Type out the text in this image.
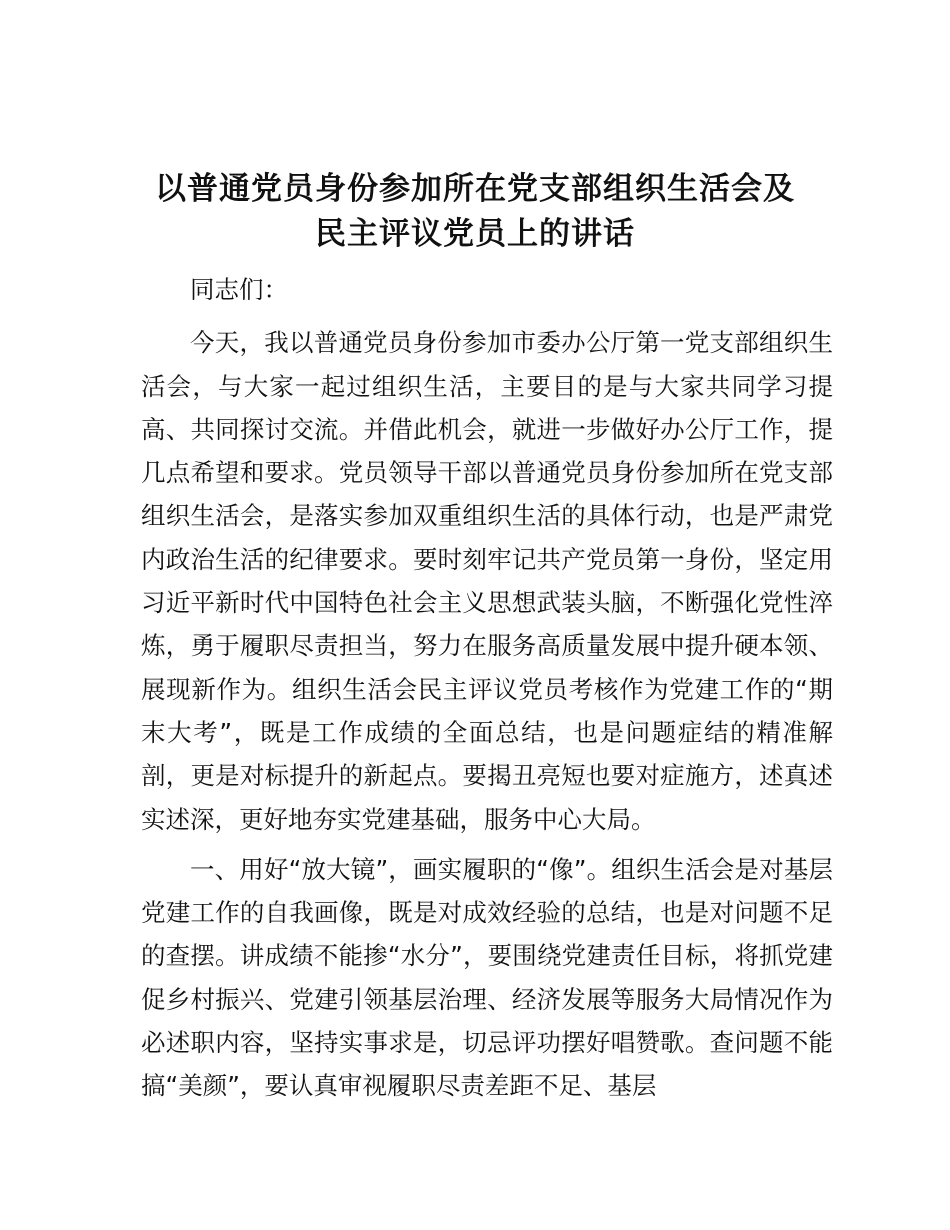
以普通党员身份参加所在党支部组织生活会及
民主评议党员上的讲话

同志们：

今天，我以普通党员身份参加市委办公厅第一党支部组织生活会，与大家一起过组织生活，主要目的是与大家共同学习提高、共同探讨交流。并借此机会，就进一步做好办公厅工作，提几点希望和要求。党员领导干部以普通党员身份参加所在党支部组织生活会，是落实参加双重组织生活的具体行动，也是严肃党内政治生活的纪律要求。要时刻牢记共产党员第一身份，坚定用习近平新时代中国特色社会主义思想武装头脑，不断强化党性淬炼，勇于履职尽责担当，努力在服务高质量发展中提升硬本领、展现新作为。组织生活会民主评议党员考核作为党建工作的“期末大考”，既是工作成绩的全面总结，也是问题症结的精准解剖，更是对标提升的新起点。要揭丑亮短也要对症施方，述真述实述深，更好地夯实党建基础，服务中心大局。

一、用好“放大镜”，画实履职的“像”。组织生活会是对基层党建工作的自我画像，既是对成效经验的总结，也是对问题不足的查摆。讲成绩不能掺“水分”，要围绕党建责任目标，将抓党建促乡村振兴、党建引领基层治理、经济发展等服务大局情况作为必述职内容，坚持实事求是，切忌评功摆好唱赞歌。查问题不能搞“美颜”，要认真审视履职尽责差距不足、基层
